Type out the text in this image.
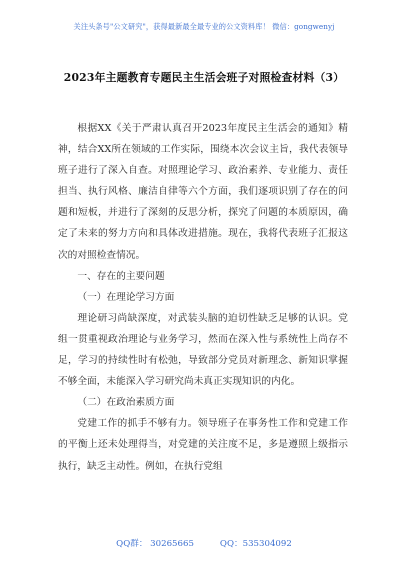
关注头条号"公文研究"，获得最新最全最专业的公文资料库！ 微信：gongwenyj
2023年主题教育专题民主生活会班子对照检查材料（3）

根据XX《关于严肃认真召开2023年度民主生活会的通知》精神，结合XX所在领域的工作实际，围绕本次会议主旨，我代表领导班子进行了深入自查。对照理论学习、政治素养、专业能力、责任担当、执行风格、廉洁自律等六个方面，我们逐项识别了存在的问题和短板，并进行了深刻的反思分析，探究了问题的本质原因，确定了未来的努力方向和具体改进措施。现在，我将代表班子汇报这次的对照检查情况。

一、存在的主要问题

（一）在理论学习方面

理论研习尚缺深度，对武装头脑的迫切性缺乏足够的认识。党组一贯重视政治理论与业务学习，然而在深入性与系统性上尚存不足，学习的持续性时有松弛，导致部分党员对新理念、新知识掌握不够全面，未能深入学习研究尚未真正实现知识的内化。

（二）在政治素质方面

党建工作的抓手不够有力。领导班子在事务性工作和党建工作的平衡上还未处理得当，对党建的关注度不足，多是遵照上级指示执行，缺乏主动性。例如，在执行党组

QQ群： 30265665	QQ：535304092
